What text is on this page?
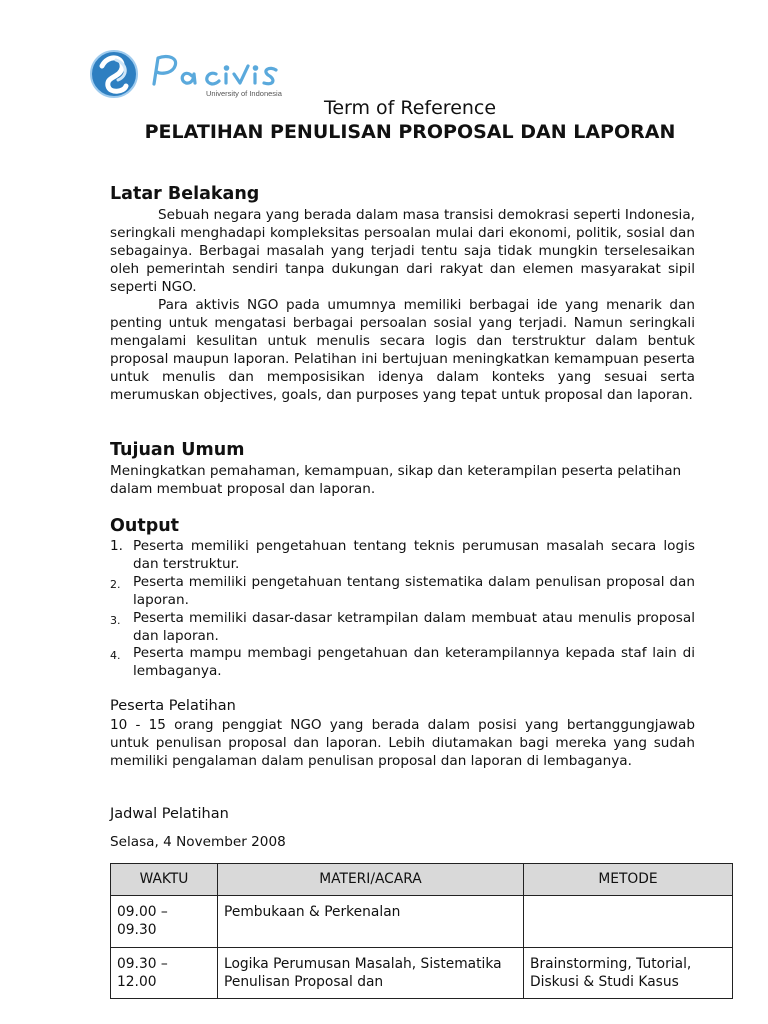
University of Indonesia
Term of Reference
PELATIHAN PENULISAN PROPOSAL DAN LAPORAN
Latar Belakang

Sebuah negara yang berada dalam masa transisi demokrasi seperti Indonesia, seringkali menghadapi kompleksitas persoalan mulai dari ekonomi, politik, sosial dan sebagainya. Berbagai masalah yang terjadi tentu saja tidak mungkin terselesaikan oleh pemerintah sendiri tanpa dukungan dari rakyat dan elemen masyarakat sipil seperti NGO.

Para aktivis NGO pada umumnya memiliki berbagai ide yang menarik dan penting untuk mengatasi berbagai persoalan sosial yang terjadi. Namun seringkali mengalami kesulitan untuk menulis secara logis dan terstruktur dalam bentuk proposal maupun laporan. Pelatihan ini bertujuan meningkatkan kemampuan peserta untuk menulis dan memposisikan idenya dalam konteks yang sesuai serta merumuskan objectives, goals, dan purposes yang tepat untuk proposal dan laporan.

Tujuan Umum

Meningkatkan pemahaman, kemampuan, sikap dan keterampilan peserta pelatihan dalam membuat proposal dan laporan.

Output
1. Peserta memiliki pengetahuan tentang teknis perumusan masalah secara logis dan terstruktur.
2. Peserta memiliki pengetahuan tentang sistematika dalam penulisan proposal dan laporan.
3. Peserta memiliki dasar-dasar ketrampilan dalam membuat atau menulis proposal dan laporan.
4. Peserta mampu membagi pengetahuan dan keterampilannya kepada staf lain di lembaganya.
Peserta Pelatihan

10 - 15 orang penggiat NGO yang berada dalam posisi yang bertanggungjawab untuk penulisan proposal dan laporan. Lebih diutamakan bagi mereka yang sudah memiliki pengalaman dalam penulisan proposal dan laporan di lembaganya.

Jadwal Pelatihan

Selasa, 4 November 2008

WAKTU	MATERI/ACARA	METODE
09.00 – 09.30	Pembukaan & Perkenalan	
09.30 – 12.00	Logika Perumusan Masalah, Sistematika Penulisan Proposal dan	Brainstorming, Tutorial, Diskusi & Studi Kasus
